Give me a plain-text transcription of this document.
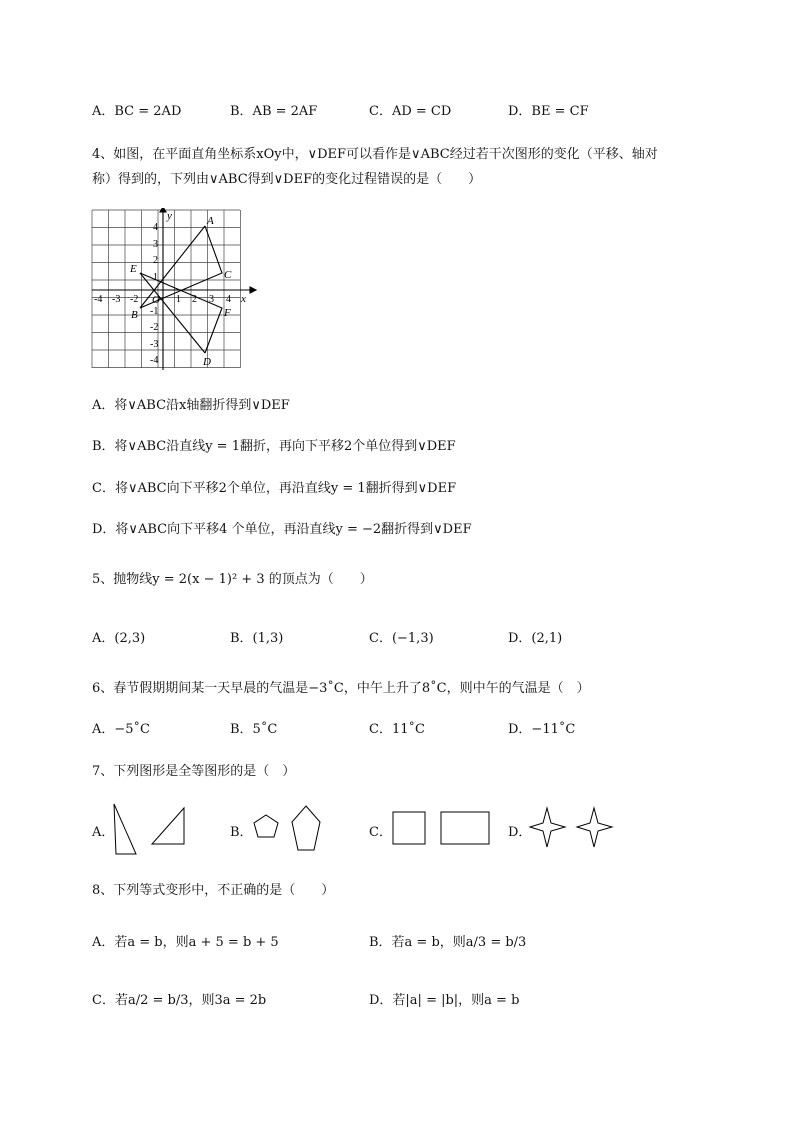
A．BC = 2AD	B．AB = 2AF	C．AD = CD	D．BE = CF
4、如图，在平面直角坐标系xOy中，∨DEF可以看作是∨ABC经过若干次图形的变化（平移、轴对
称）得到的，下列由∨ABC得到∨DEF的变化过程错误的是（　　）
x
y
O
A
B
C
D
E
F
-4 -3 -2	1 2 3 4
4
3
2
1
-1
-2
-3
-4
A．将∨ABC沿x轴翻折得到∨DEF
B．将∨ABC沿直线y = 1翻折，再向下平移2个单位得到∨DEF
C．将∨ABC向下平移2个单位，再沿直线y = 1翻折得到∨DEF
D．将∨ABC向下平移4 个单位，再沿直线y = −2翻折得到∨DEF
5、抛物线y = 2(x − 1)² + 3 的顶点为（　　）
A．(2,3)	B．(1,3)	C．(−1,3)	D．(2,1)
6、春节假期期间某一天早晨的气温是−3˚C，中午上升了8˚C，则中午的气温是（　）
A．−5˚C	B．5˚C	C．11˚C	D．−11˚C
7、下列图形是全等图形的是（　）
A．	B．	C．	D．
8、下列等式变形中，不正确的是（　　）
A．若a = b，则a + 5 = b + 5	B．若a = b，则a/3 = b/3
C．若a/2 = b/3，则3a = 2b	D．若|a| = |b|，则a = b
